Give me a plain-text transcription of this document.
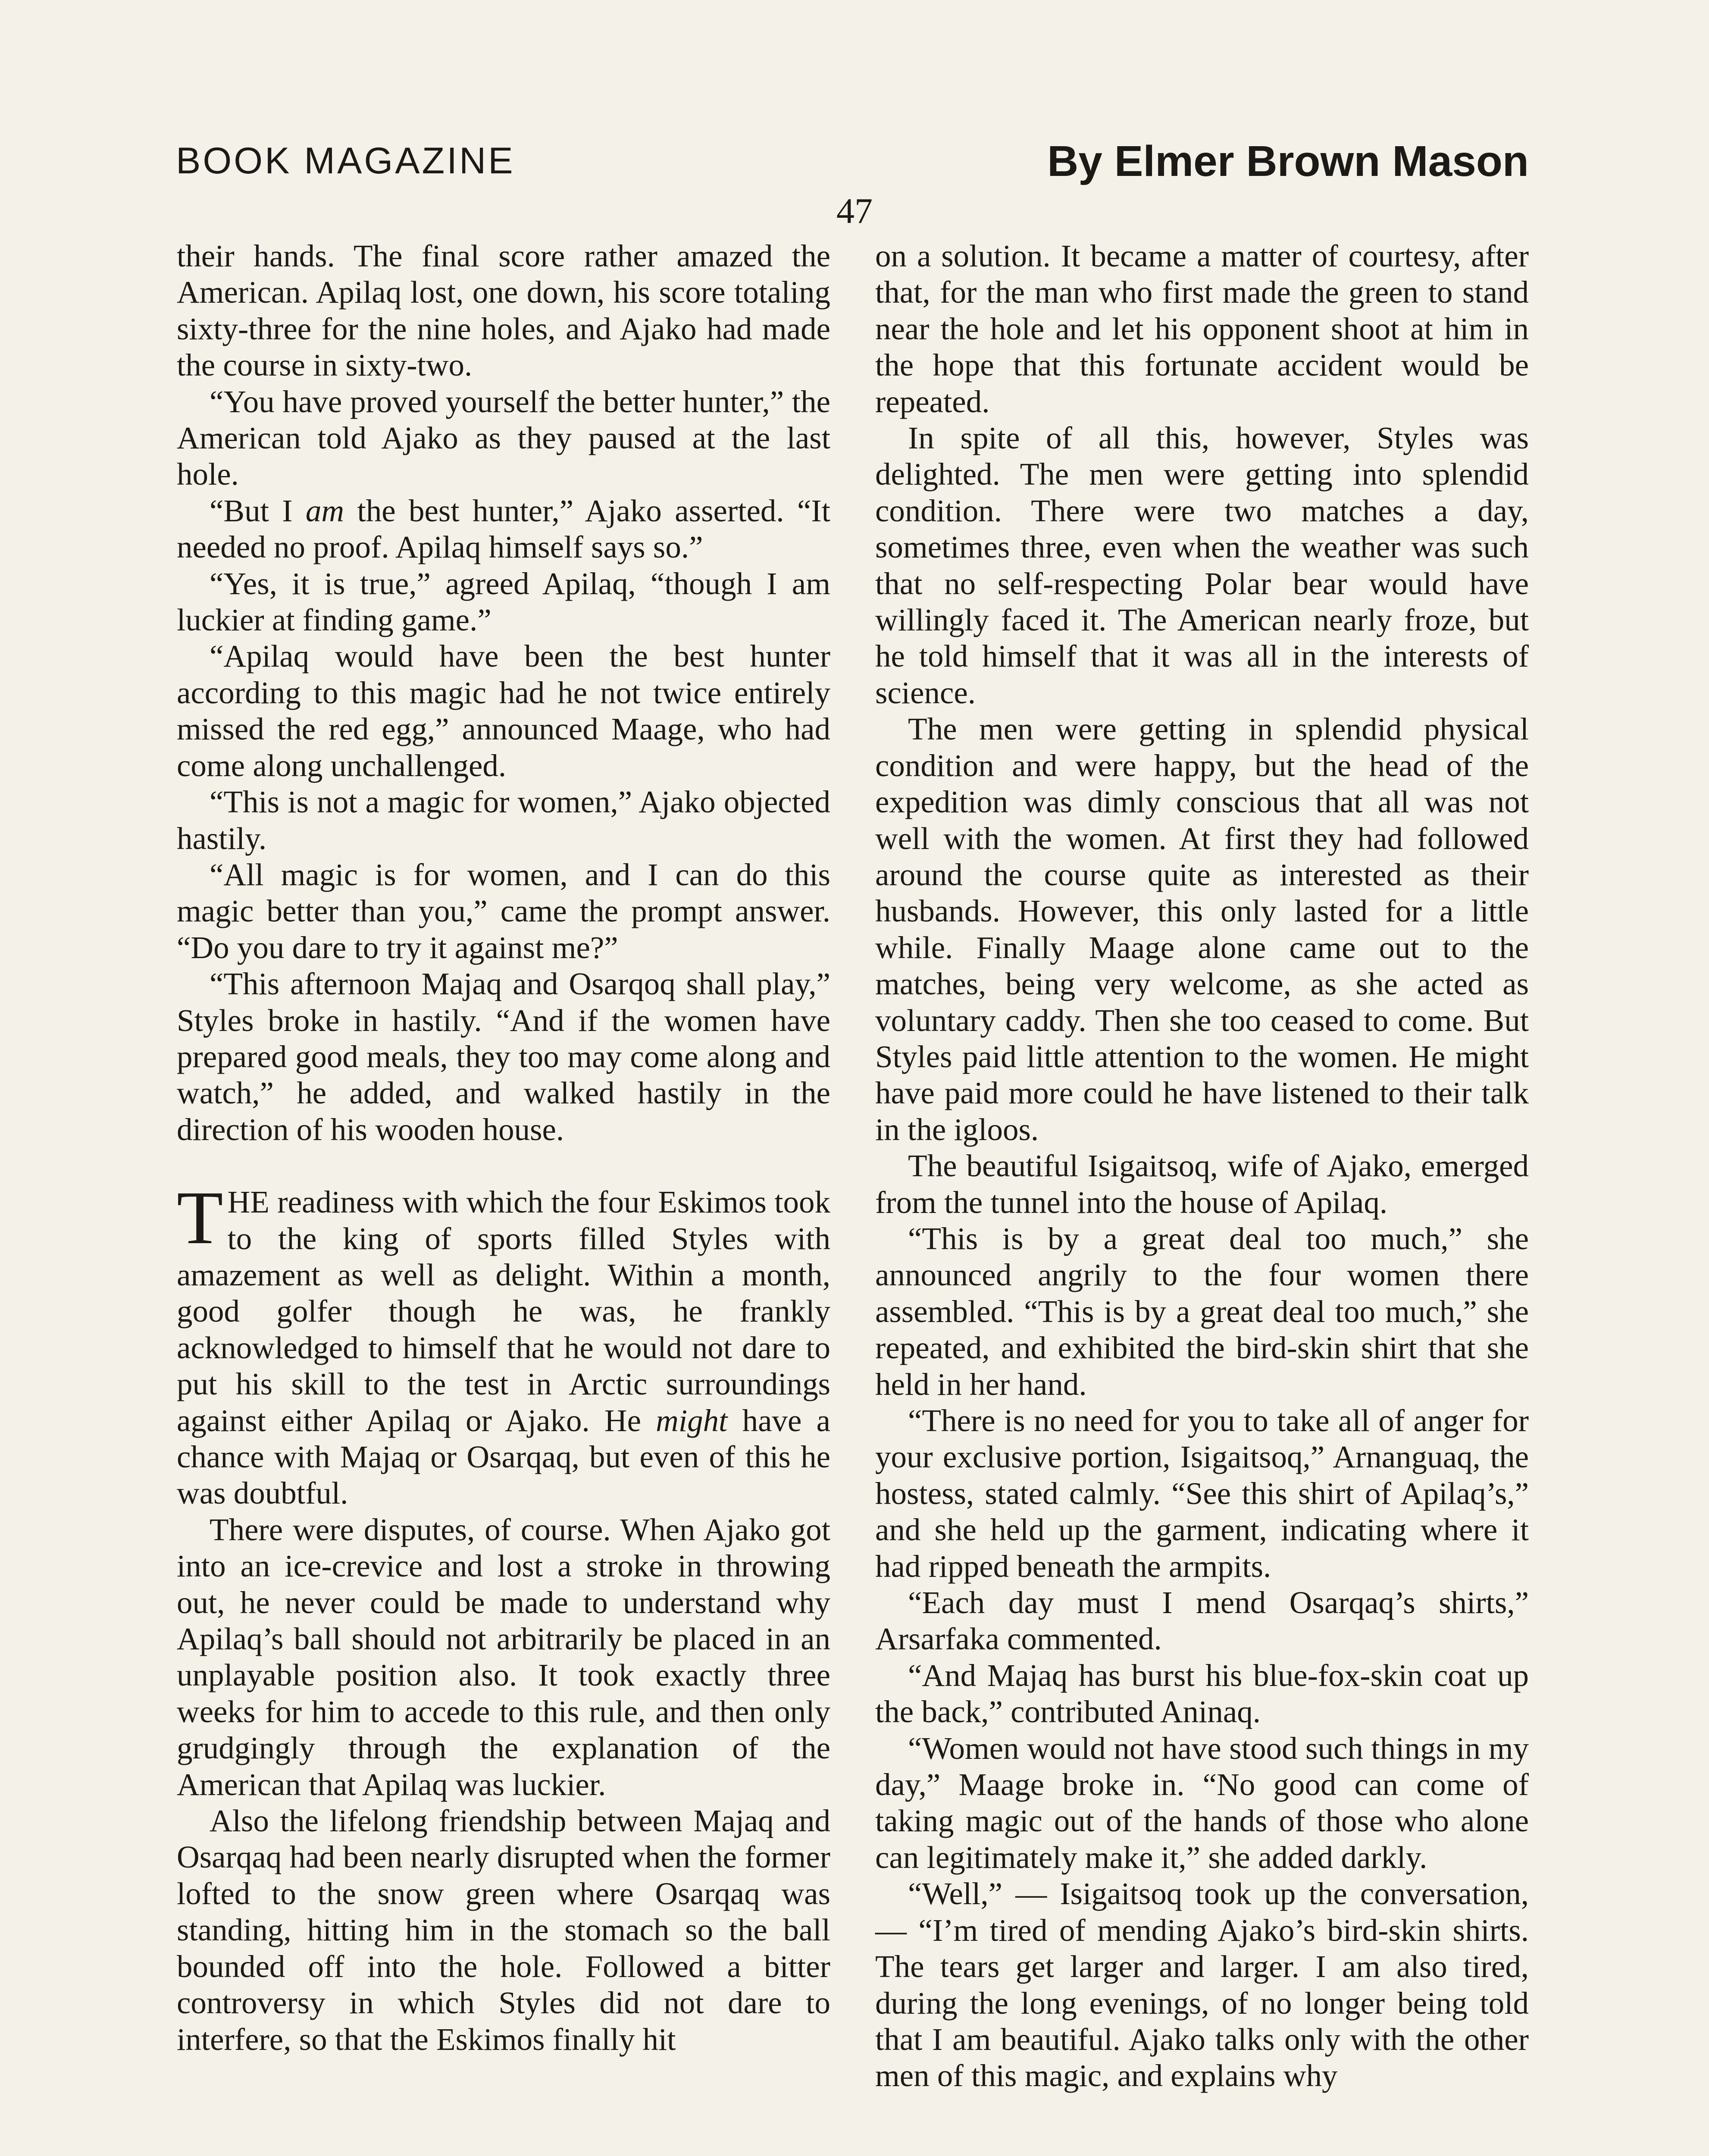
BOOK MAGAZINE	By Elmer Brown Mason
47

their hands. The final score rather amazed the American. Apilaq lost, one down, his score totaling sixty-three for the nine holes, and Ajako had made the course in sixty-two.

“You have proved yourself the better hunter,” the American told Ajako as they paused at the last hole.

“But I am the best hunter,” Ajako asserted. “It needed no proof. Apilaq himself says so.”

“Yes, it is true,” agreed Apilaq, “though I am luckier at finding game.”

“Apilaq would have been the best hunter according to this magic had he not twice entirely missed the red egg,” announced Maage, who had come along unchallenged.

“This is not a magic for women,” Ajako objected hastily.

“All magic is for women, and I can do this magic better than you,” came the prompt answer. “Do you dare to try it against me?”

“This afternoon Majaq and Osarqoq shall play,” Styles broke in hastily. “And if the women have prepared good meals, they too may come along and watch,” he added, and walked hastily in the direction of his wooden house.

THE readiness with which the four Eskimos took to the king of sports filled Styles with amazement as well as delight. Within a month, good golfer though he was, he frankly acknowledged to himself that he would not dare to put his skill to the test in Arctic surroundings against either Apilaq or Ajako. He might have a chance with Majaq or Osarqaq, but even of this he was doubtful.

There were disputes, of course. When Ajako got into an ice-crevice and lost a stroke in throwing out, he never could be made to understand why Apilaq’s ball should not arbitrarily be placed in an unplayable position also. It took exactly three weeks for him to accede to this rule, and then only grudgingly through the explanation of the American that Apilaq was luckier.

Also the lifelong friendship between Majaq and Osarqaq had been nearly disrupted when the former lofted to the snow green where Osarqaq was standing, hitting him in the stomach so the ball bounded off into the hole. Followed a bitter controversy in which Styles did not dare to interfere, so that the Eskimos finally hit

on a solution. It became a matter of courtesy, after that, for the man who first made the green to stand near the hole and let his opponent shoot at him in the hope that this fortunate accident would be repeated.

In spite of all this, however, Styles was delighted. The men were getting into splendid condition. There were two matches a day, sometimes three, even when the weather was such that no self-respecting Polar bear would have willingly faced it. The American nearly froze, but he told himself that it was all in the interests of science.

The men were getting in splendid physical condition and were happy, but the head of the expedition was dimly conscious that all was not well with the women. At first they had followed around the course quite as interested as their husbands. However, this only lasted for a little while. Finally Maage alone came out to the matches, being very welcome, as she acted as voluntary caddy. Then she too ceased to come. But Styles paid little attention to the women. He might have paid more could he have listened to their talk in the igloos.

The beautiful Isigaitsoq, wife of Ajako, emerged from the tunnel into the house of Apilaq.

“This is by a great deal too much,” she announced angrily to the four women there assembled. “This is by a great deal too much,” she repeated, and exhibited the bird-skin shirt that she held in her hand.

“There is no need for you to take all of anger for your exclusive portion, Isigaitsoq,” Arnanguaq, the hostess, stated calmly. “See this shirt of Apilaq’s,” and she held up the garment, indicating where it had ripped beneath the armpits.

“Each day must I mend Osarqaq’s shirts,” Arsarfaka commented.

“And Majaq has burst his blue-fox-skin coat up the back,” contributed Aninaq.

“Women would not have stood such things in my day,” Maage broke in. “No good can come of taking magic out of the hands of those who alone can legitimately make it,” she added darkly.

“Well,” — Isigaitsoq took up the conversation, — “I’m tired of mending Ajako’s bird-skin shirts. The tears get larger and larger. I am also tired, during the long evenings, of no longer being told that I am beautiful. Ajako talks only with the other men of this magic, and explains why
